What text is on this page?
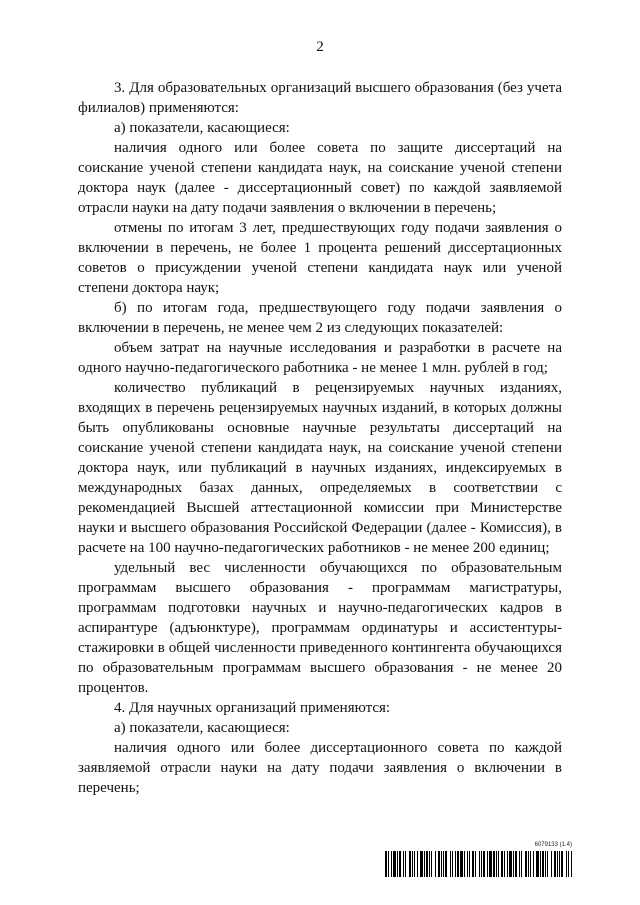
2

3. Для образовательных организаций высшего образования (без учета филиалов) применяются:

а) показатели, касающиеся:

наличия одного или более совета по защите диссертаций на соискание ученой степени кандидата наук, на соискание ученой степени доктора наук (далее - диссертационный совет) по каждой заявляемой отрасли науки на дату подачи заявления о включении в перечень;

отмены по итогам 3 лет, предшествующих году подачи заявления о включении в перечень, не более 1 процента решений диссертационных советов о присуждении ученой степени кандидата наук или ученой степени доктора наук;

б) по итогам года, предшествующего году подачи заявления о включении в перечень, не менее чем 2 из следующих показателей:

объем затрат на научные исследования и разработки в расчете на одного научно-педагогического работника - не менее 1 млн. рублей в год;

количество публикаций в рецензируемых научных изданиях, входящих в перечень рецензируемых научных изданий, в которых должны быть опубликованы основные научные результаты диссертаций на соискание ученой степени кандидата наук, на соискание ученой степени доктора наук, или публикаций в научных изданиях, индексируемых в международных базах данных, определяемых в соответствии с рекомендацией Высшей аттестационной комиссии при Министерстве науки и высшего образования Российской Федерации (далее - Комиссия), в расчете на 100 научно-педагогических работников - не менее 200 единиц;

удельный вес численности обучающихся по образовательным программам высшего образования - программам магистратуры, программам подготовки научных и научно-педагогических кадров в аспирантуре (адъюнктуре), программам ординатуры и ассистентуры-стажировки в общей численности приведенного контингента обучающихся по образовательным программам высшего образования - не менее 20 процентов.

4. Для научных организаций применяются:

а) показатели, касающиеся:

наличия одного или более диссертационного совета по каждой заявляемой отрасли науки на дату подачи заявления о включении в перечень;

6079133 (1.4)
